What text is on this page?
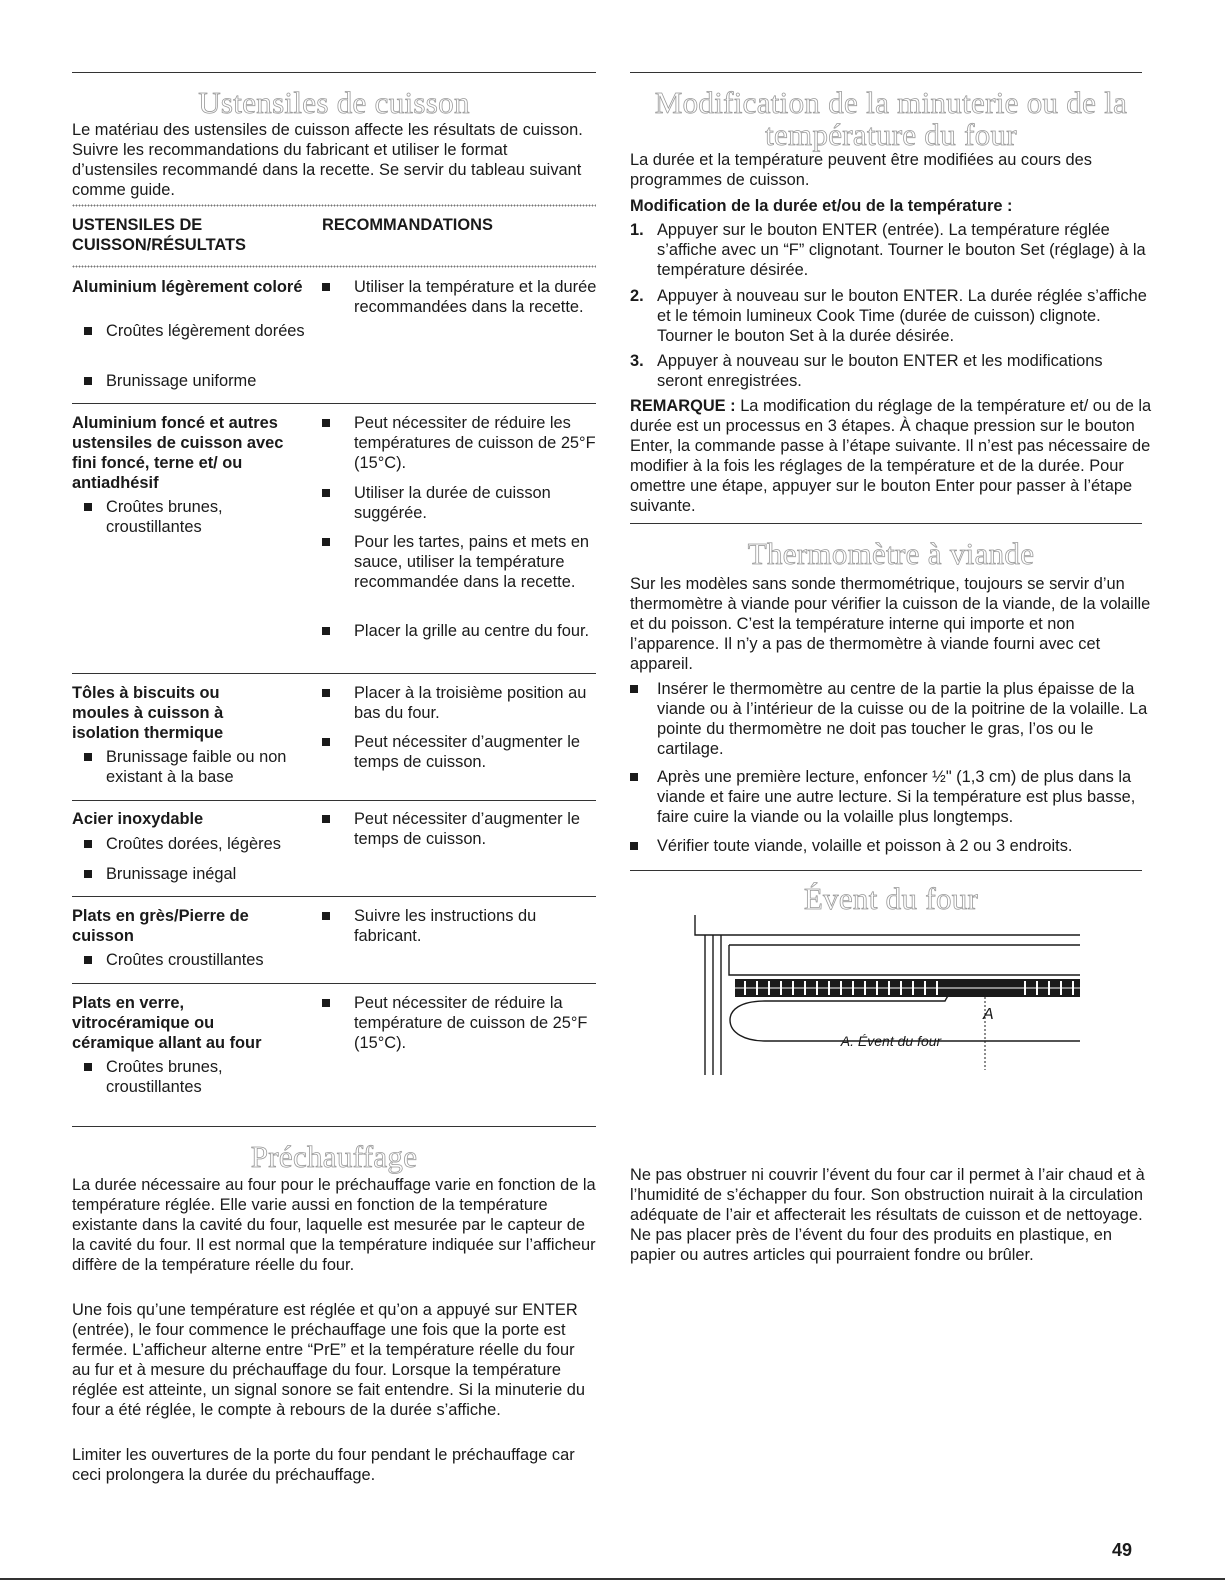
Ustensiles de cuisson

Le matériau des ustensiles de cuisson affecte les résultats de cuisson. Suivre les recommandations du fabricant et utiliser le format d’ustensiles recommandé dans la recette. Se servir du tableau suivant comme guide.

USTENSILES DE CUISSON/RÉSULTATS
RECOMMANDATIONS
Aluminium légèrement coloré
Croûtes légèrement dorées
Brunissage uniforme
Utiliser la température et la durée recommandées dans la recette.
Aluminium foncé et autres ustensiles de cuisson avec fini foncé, terne et/ ou antiadhésif
Croûtes brunes, croustillantes
Peut nécessiter de réduire les températures de cuisson de 25°F (15°C).
Utiliser la durée de cuisson suggérée.
Pour les tartes, pains et mets en sauce, utiliser la température recommandée dans la recette.
Placer la grille au centre du four.
Tôles à biscuits ou moules à cuisson à isolation thermique
Brunissage faible ou non existant à la base
Placer à la troisième position au bas du four.
Peut nécessiter d’augmenter le temps de cuisson.
Acier inoxydable
Croûtes dorées, légères
Brunissage inégal
Peut nécessiter d’augmenter le temps de cuisson.
Plats en grès/Pierre de cuisson
Croûtes croustillantes
Suivre les instructions du fabricant.
Plats en verre, vitrocéramique ou céramique allant au four
Croûtes brunes, croustillantes
Peut nécessiter de réduire la température de cuisson de 25°F (15°C).
Préchauffage

La durée nécessaire au four pour le préchauffage varie en fonction de la température réglée. Elle varie aussi en fonction de la température existante dans la cavité du four, laquelle est mesurée par le capteur de la cavité du four. Il est normal que la température indiquée sur l’afficheur diffère de la température réelle du four.

Une fois qu’une température est réglée et qu’on a appuyé sur ENTER (entrée), le four commence le préchauffage une fois que la porte est fermée. L’afficheur alterne entre “PrE” et la température réelle du four au fur et à mesure du préchauffage du four. Lorsque la température réglée est atteinte, un signal sonore se fait entendre. Si la minuterie du four a été réglée, le compte à rebours de la durée s’affiche.

Limiter les ouvertures de la porte du four pendant le préchauffage car ceci prolongera la durée du préchauffage.

Modification de la minuterie ou de la
température du four

La durée et la température peuvent être modifiées au cours des programmes de cuisson.

Modification de la durée et/ou de la température :

1. Appuyer sur le bouton ENTER (entrée). La température réglée s’affiche avec un “F” clignotant. Tourner le bouton Set (réglage) à la température désirée.
2. Appuyer à nouveau sur le bouton ENTER. La durée réglée s’affiche et le témoin lumineux Cook Time (durée de cuisson) clignote. Tourner le bouton Set à la durée désirée.
3. Appuyer à nouveau sur le bouton ENTER et les modifications seront enregistrées.

REMARQUE : La modification du réglage de la température et/ ou de la durée est un processus en 3 étapes. À chaque pression sur le bouton Enter, la commande passe à l’étape suivante. Il n’est pas nécessaire de modifier à la fois les réglages de la température et de la durée. Pour omettre une étape, appuyer sur le bouton Enter pour passer à l’étape suivante.

Thermomètre à viande

Sur les modèles sans sonde thermométrique, toujours se servir d’un thermomètre à viande pour vérifier la cuisson de la viande, de la volaille et du poisson. C’est la température interne qui importe et non l’apparence. Il n’y a pas de thermomètre à viande fourni avec cet appareil.

Insérer le thermomètre au centre de la partie la plus épaisse de la viande ou à l’intérieur de la cuisse ou de la poitrine de la volaille. La pointe du thermomètre ne doit pas toucher le gras, l’os ou le cartilage.
Après une première lecture, enfoncer ½" (1,3 cm) de plus dans la viande et faire une autre lecture. Si la température est plus basse, faire cuire la viande ou la volaille plus longtemps.
Vérifier toute viande, volaille et poisson à 2 ou 3 endroits.
Évent du four
A
A. Évent du four

Ne pas obstruer ni couvrir l’évent du four car il permet à l’air chaud et à l’humidité de s’échapper du four. Son obstruction nuirait à la circulation adéquate de l’air et affecterait les résultats de cuisson et de nettoyage. Ne pas placer près de l’évent du four des produits en plastique, en papier ou autres articles qui pourraient fondre ou brûler.

49
